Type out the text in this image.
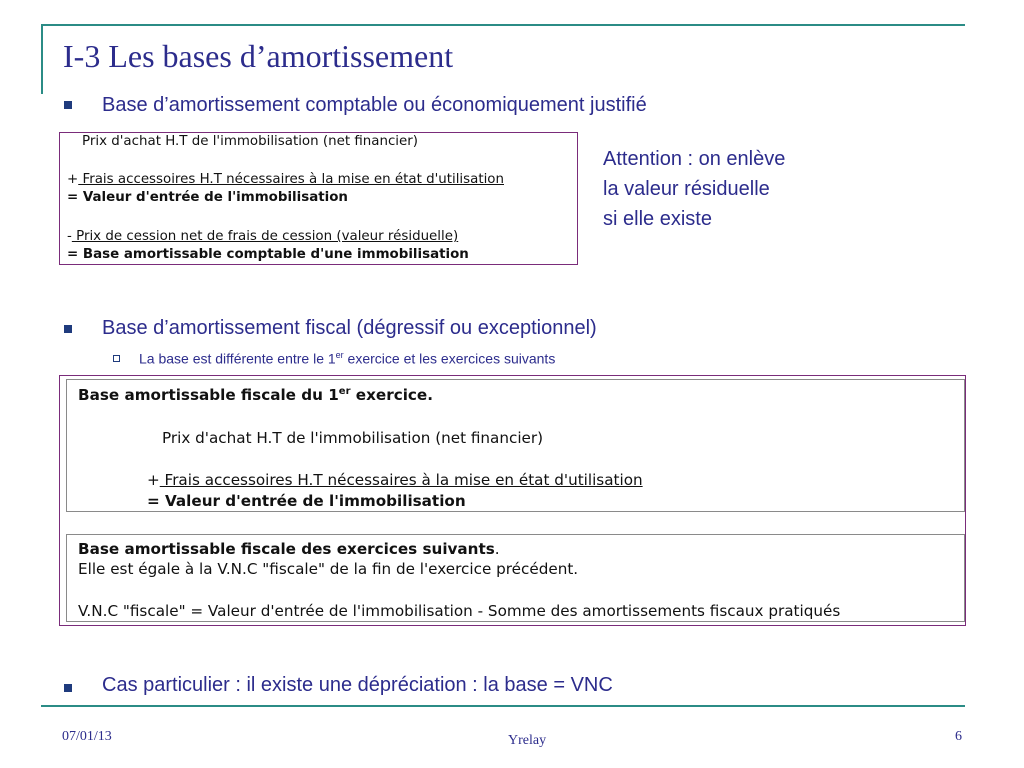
I-3 Les bases d’amortissement
Base d’amortissement comptable ou économiquement justifié
Prix d'achat H.T de l'immobilisation (net financier)
+ Frais accessoires H.T nécessaires à la mise en état d'utilisation
= Valeur d'entrée de l'immobilisation
- Prix de cession net de frais de cession (valeur résiduelle)
= Base amortissable comptable d'une immobilisation
Attention : on enlève
la valeur résiduelle
si elle existe
Base d’amortissement fiscal (dégressif ou exceptionnel)
La base est différente entre le 1er exercice et les exercices suivants
Base amortissable fiscale du 1er exercice.
Prix d'achat H.T de l'immobilisation (net financier)
+ Frais accessoires H.T nécessaires à la mise en état d'utilisation
= Valeur d'entrée de l'immobilisation
Base amortissable fiscale des exercices suivants.
Elle est égale à la V.N.C "fiscale" de la fin de l'exercice précédent.
V.N.C "fiscale" = Valeur d'entrée de l'immobilisation - Somme des amortissements fiscaux pratiqués
Cas particulier : il existe une dépréciation : la base = VNC
07/01/13	Yrelay	6
